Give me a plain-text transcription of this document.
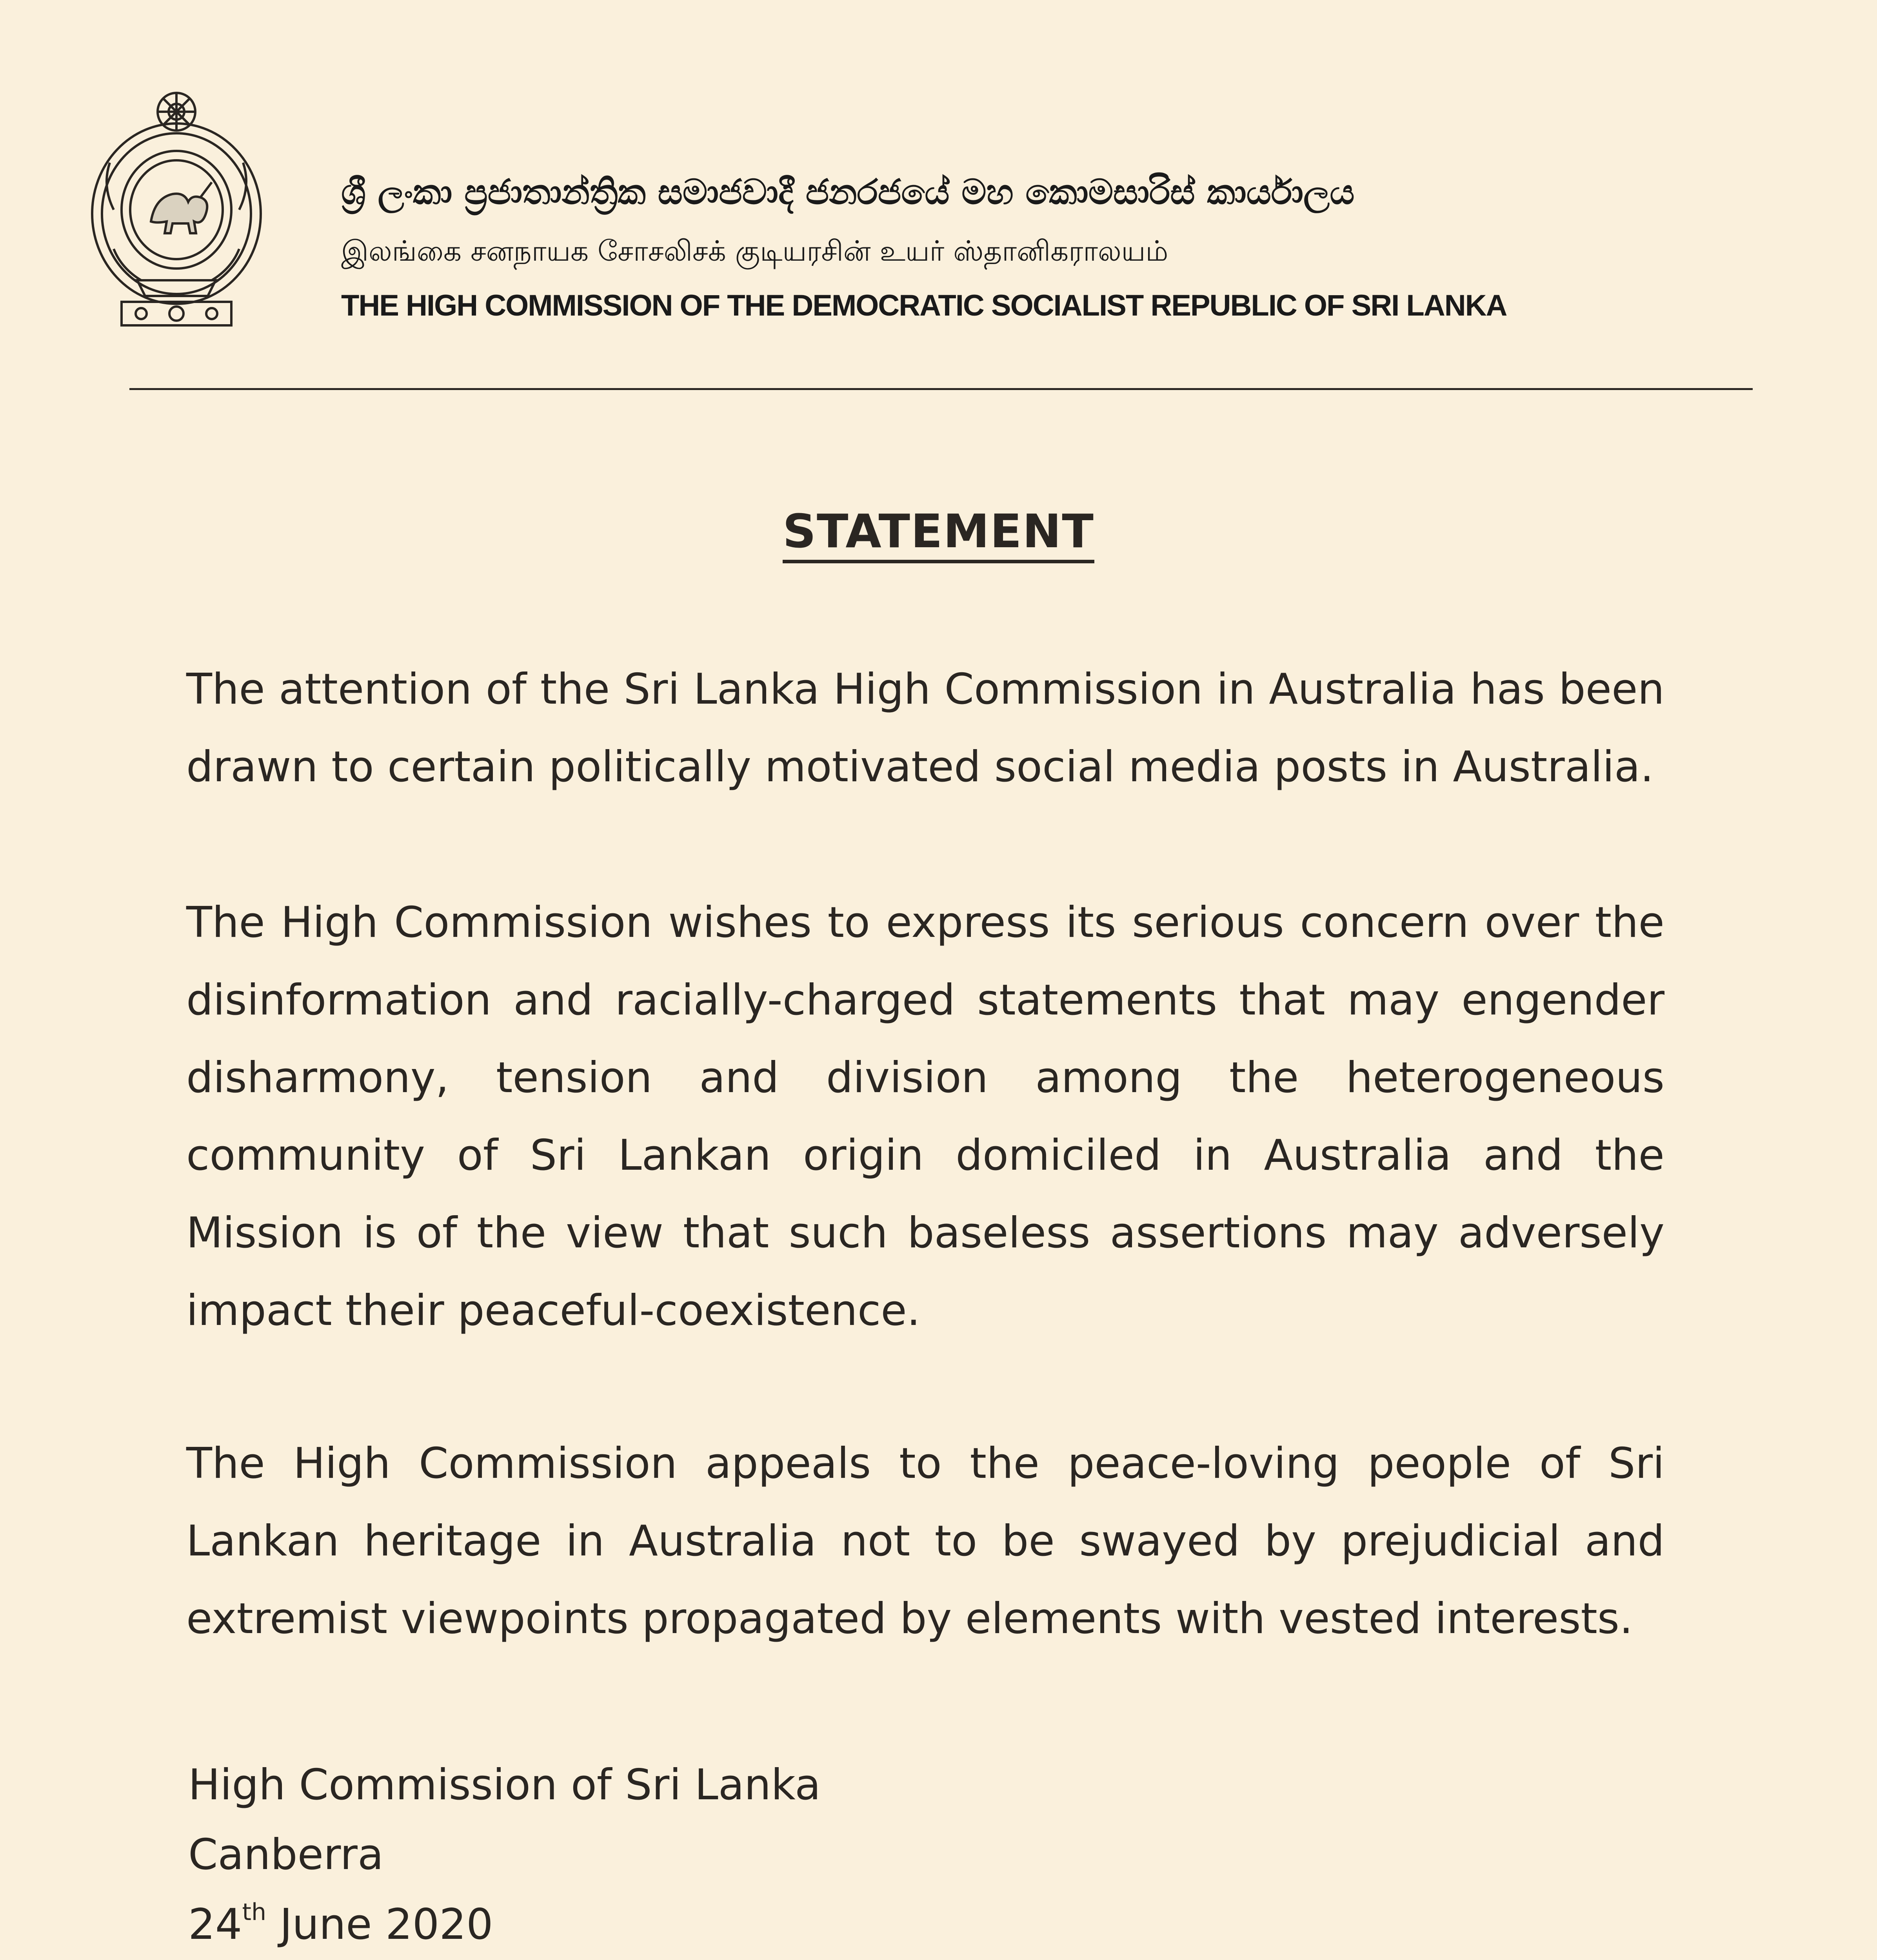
ශ්‍රී ලංකා ප්‍රජාතාන්ත්‍රික සමාජවාදී ජනරජයේ මහ කොමසාරිස් කාර්යාලය
இலங்கை சனநாயக சோசலிசக் குடியரசின் உயர் ஸ்தானிகராலயம்
THE HIGH COMMISSION OF THE DEMOCRATIC SOCIALIST REPUBLIC OF SRI LANKA
STATEMENT
The attention of the Sri Lanka High Commission in Australia has been drawn to certain politically motivated social media posts in Australia.
The High Commission wishes to express its serious concern over the disinformation and racially-charged statements that may engender disharmony, tension and division among the heterogeneous community of Sri Lankan origin domiciled in Australia and the Mission is of the view that such baseless assertions may adversely impact their peaceful-coexistence.
The High Commission appeals to the peace-loving people of Sri Lankan heritage in Australia not to be swayed by prejudicial and extremist viewpoints propagated by elements with vested interests.
High Commission of Sri Lanka
Canberra
24th June 2020
